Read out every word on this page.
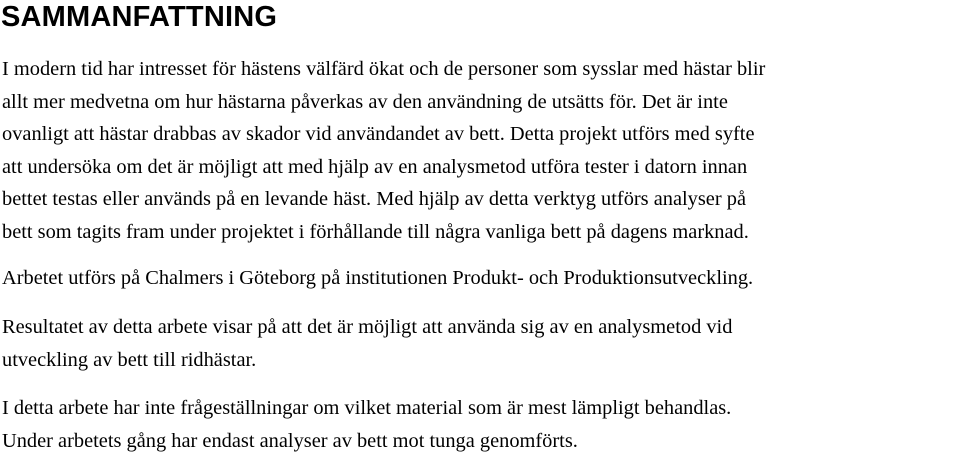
SAMMANFATTNING

I modern tid har intresset för hästens välfärd ökat och de personer som sysslar med hästar blir
allt mer medvetna om hur hästarna påverkas av den användning de utsätts för. Det är inte
ovanligt att hästar drabbas av skador vid användandet av bett. Detta projekt utförs med syfte
att undersöka om det är möjligt att med hjälp av en analysmetod utföra tester i datorn innan
bettet testas eller används på en levande häst. Med hjälp av detta verktyg utförs analyser på
bett som tagits fram under projektet i förhållande till några vanliga bett på dagens marknad.

Arbetet utförs på Chalmers i Göteborg på institutionen Produkt- och Produktionsutveckling.

Resultatet av detta arbete visar på att det är möjligt att använda sig av en analysmetod vid
utveckling av bett till ridhästar.

I detta arbete har inte frågeställningar om vilket material som är mest lämpligt behandlas.
Under arbetets gång har endast analyser av bett mot tunga genomförts.
